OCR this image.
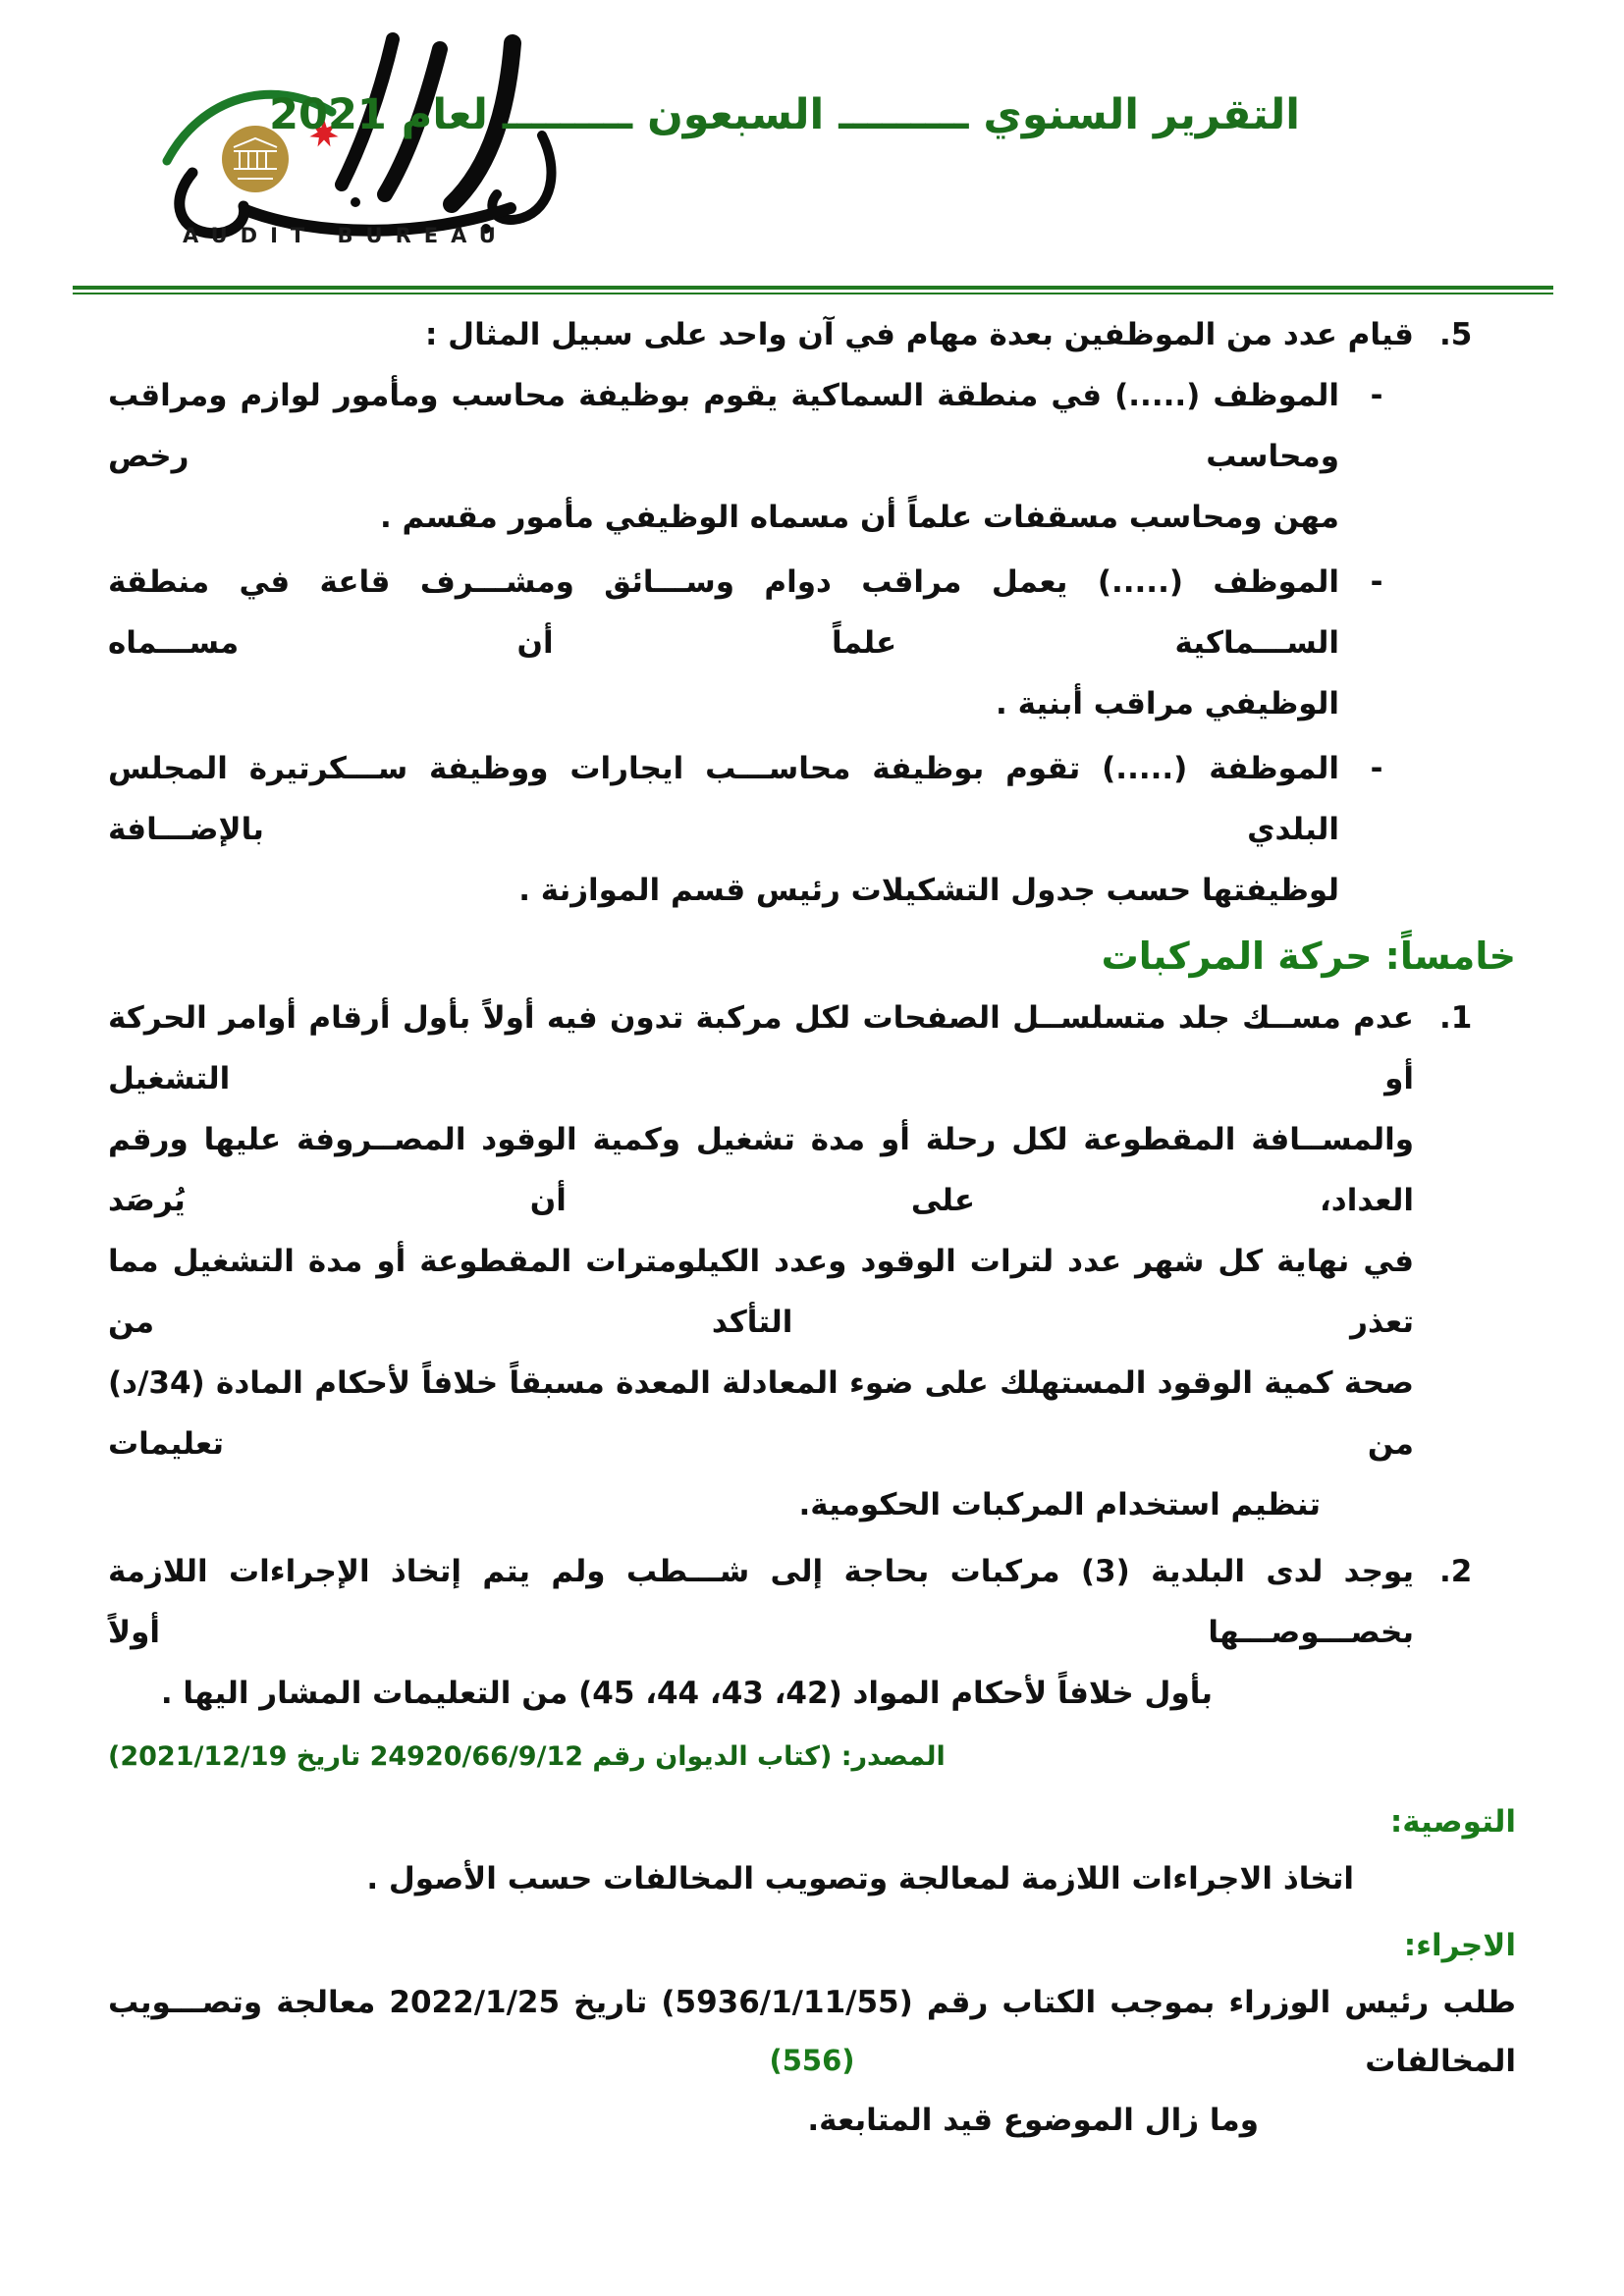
AUDIT BUREAU
التقرير السنوي ـــــــــ السبعون ـــــــــ لعام 2021
5.
قيام عدد من الموظفين بعدة مهام في آن واحد على سبيل المثال :
-
الموظف (.....) في منطقة السماكية يقوم بوظيفة محاسب ومأمور لوازم ومراقب ومحاسب رخص
مهن ومحاسب مسقفات علماً أن مسماه الوظيفي مأمور مقسم .
-
الموظف (.....) يعمل مراقب دوام وســـائق ومشـــرف قاعة في منطقة الســـماكية علماً أن مســـماه
الوظيفي مراقب أبنية .
-
الموظفة (.....) تقوم بوظيفة محاســـب ايجارات ووظيفة ســـكرتيرة المجلس البلدي بالإضـــافة
لوظيفتها حسب جدول التشكيلات رئيس قسم الموازنة .
خامساً: حركة المركبات
1.
عدم مســك جلد متسلســل الصفحات لكل مركبة تدون فيه أولاً بأول أرقام أوامر الحركة أو التشغيل
والمســافة المقطوعة لكل رحلة أو مدة تشغيل وكمية الوقود المصــروفة عليها ورقم العداد، على أن يُرصَد
في نهاية كل شهر عدد لترات الوقود وعدد الكيلومترات المقطوعة أو مدة التشغيل مما تعذر التأكد من
صحة كمية الوقود المستهلك على ضوء المعادلة المعدة مسبقاً خلافاً لأحكام المادة (34/د) من تعليمات
تنظيم استخدام المركبات الحكومية.
2.
يوجد لدى البلدية (3) مركبات بحاجة إلى شـــطب ولم يتم إتخاذ الإجراءات اللازمة بخصـــوصـــها أولاً
بأول خلافاً لأحكام المواد (42، 43، 44، 45) من التعليمات المشار اليها .
المصدر: (كتاب الديوان رقم 24920/66/9/12 تاريخ 2021/12/19)
التوصية:
اتخاذ الاجراءات اللازمة لمعالجة وتصويب المخالفات حسب الأصول .
الاجراء:
طلب رئيس الوزراء بموجب الكتاب رقم (5936/1/11/55) تاريخ 2022/1/25 معالجة وتصـــويب المخالفات
وما زال الموضوع قيد المتابعة.
(556)
